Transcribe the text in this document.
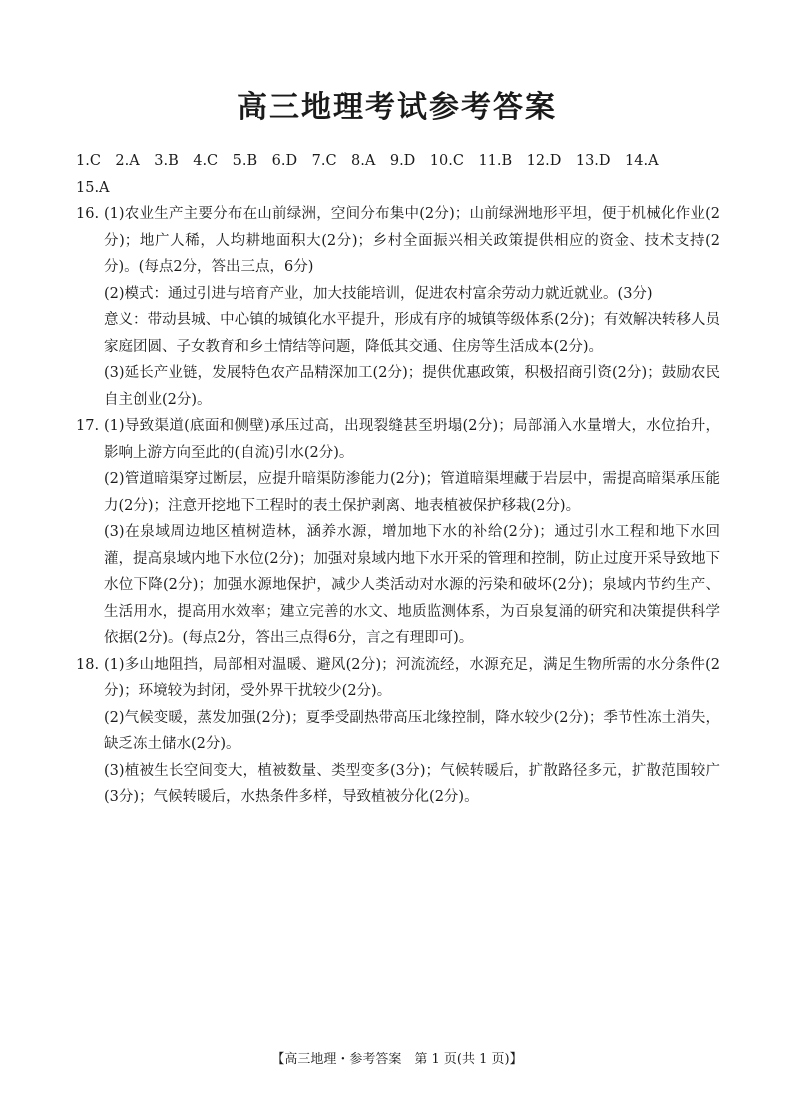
高三地理考试参考答案

1.C　2.A　3.B　4.C　5.B　6.D　7.C　8.A　9.D　10.C　11.B　12.D　13.D　14.A

15.A

16. (1)农业生产主要分布在山前绿洲，空间分布集中(2分)；山前绿洲地形平坦，便于机械化作业(2分)；地广人稀，人均耕地面积大(2分)；乡村全面振兴相关政策提供相应的资金、技术支持(2分)。(每点2分，答出三点，6分)

(2)模式：通过引进与培育产业，加大技能培训，促进农村富余劳动力就近就业。(3分)

意义：带动县城、中心镇的城镇化水平提升，形成有序的城镇等级体系(2分)；有效解决转移人员家庭团圆、子女教育和乡土情结等问题，降低其交通、住房等生活成本(2分)。

(3)延长产业链，发展特色农产品精深加工(2分)；提供优惠政策，积极招商引资(2分)；鼓励农民自主创业(2分)。

17. (1)导致渠道(底面和侧壁)承压过高，出现裂缝甚至坍塌(2分)；局部涌入水量增大，水位抬升，影响上游方向至此的(自流)引水(2分)。

(2)管道暗渠穿过断层，应提升暗渠防渗能力(2分)；管道暗渠埋藏于岩层中，需提高暗渠承压能力(2分)；注意开挖地下工程时的表土保护剥离、地表植被保护移栽(2分)。

(3)在泉域周边地区植树造林，涵养水源，增加地下水的补给(2分)；通过引水工程和地下水回灌，提高泉域内地下水位(2分)；加强对泉域内地下水开采的管理和控制，防止过度开采导致地下水位下降(2分)；加强水源地保护，减少人类活动对水源的污染和破坏(2分)；泉域内节约生产、生活用水，提高用水效率；建立完善的水文、地质监测体系，为百泉复涌的研究和决策提供科学依据(2分)。(每点2分，答出三点得6分，言之有理即可)。

18. (1)多山地阻挡，局部相对温暖、避风(2分)；河流流经，水源充足，满足生物所需的水分条件(2分)；环境较为封闭，受外界干扰较少(2分)。

(2)气候变暖，蒸发加强(2分)；夏季受副热带高压北缘控制，降水较少(2分)；季节性冻土消失，缺乏冻土储水(2分)。

(3)植被生长空间变大，植被数量、类型变多(3分)；气候转暖后，扩散路径多元，扩散范围较广(3分)；气候转暖后，水热条件多样，导致植被分化(2分)。

【高三地理・参考答案　第 1 页(共 1 页)】
